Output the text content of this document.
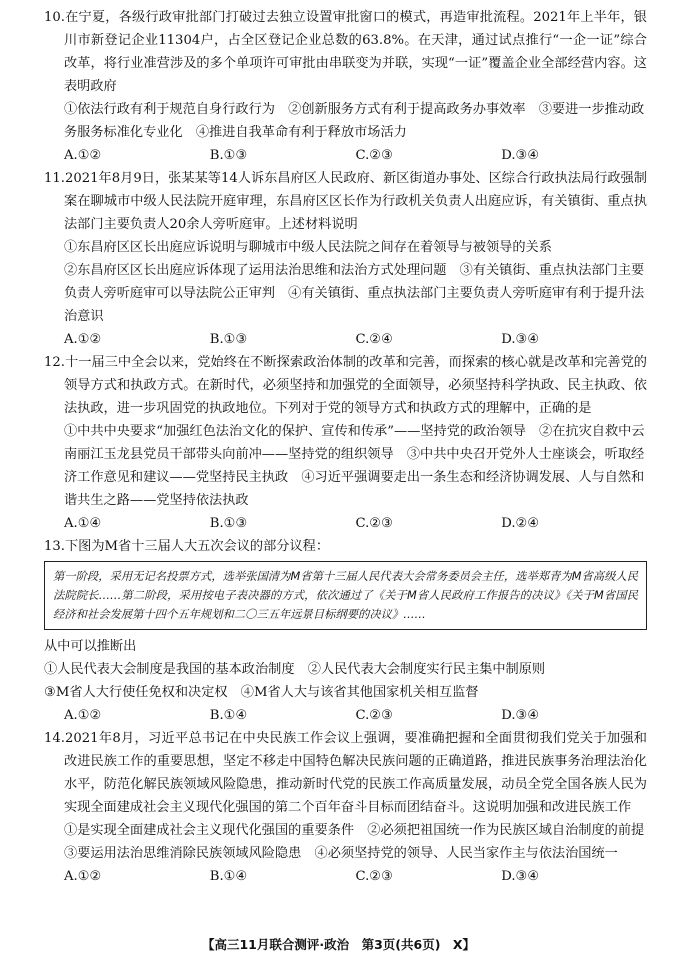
10.在宁夏，各级行政审批部门打破过去独立设置审批窗口的模式，再造审批流程。2021年上半年，银川市新登记企业11304户，占全区登记企业总数的63.8%。在天津，通过试点推行“一企一证”综合改革，将行业准营涉及的多个单项许可审批由串联变为并联，实现“一证”覆盖企业全部经营内容。这表明政府
①依法行政有利于规范自身行政行为　②创新服务方式有利于提高政务办事效率　③要进一步推动政务服务标准化专业化　④推进自我革命有利于释放市场活力
A.①②	B.①③	C.②③	D.③④
11.2021年8月9日，张某某等14人诉东昌府区人民政府、新区街道办事处、区综合行政执法局行政强制案在聊城市中级人民法院开庭审理，东昌府区区长作为行政机关负责人出庭应诉，有关镇街、重点执法部门主要负责人20余人旁听庭审。上述材料说明
①东昌府区区长出庭应诉说明与聊城市中级人民法院之间存在着领导与被领导的关系
②东昌府区区长出庭应诉体现了运用法治思维和法治方式处理问题　③有关镇街、重点执法部门主要负责人旁听庭审可以导法院公正审判　④有关镇街、重点执法部门主要负责人旁听庭审有利于提升法治意识
A.①②	B.①③	C.②④	D.③④
12.十一届三中全会以来，党始终在不断探索政治体制的改革和完善，而探索的核心就是改革和完善党的领导方式和执政方式。在新时代，必须坚持和加强党的全面领导，必须坚持科学执政、民主执政、依法执政，进一步巩固党的执政地位。下列对于党的领导方式和执政方式的理解中，正确的是
①中共中央要求“加强红色法治文化的保护、宣传和传承”——坚持党的政治领导　②在抗灾自救中云南丽江玉龙县党员干部带头向前冲——坚持党的组织领导　③中共中央召开党外人士座谈会，听取经济工作意见和建议——党坚持民主执政　④习近平强调要走出一条生态和经济协调发展、人与自然和谐共生之路——党坚持依法执政
A.①④	B.①③	C.②③	D.②④
13.下图为M省十三届人大五次会议的部分议程：
第一阶段，采用无记名投票方式，选举张国清为M省第十三届人民代表大会常务委员会主任，选举郑青为M省高级人民法院院长……第二阶段，采用按电子表决器的方式，依次通过了《关于M省人民政府工作报告的决议》《关于M省国民经济和社会发展第十四个五年规划和二〇三五年远景目标纲要的决议》……
从中可以推断出
①人民代表大会制度是我国的基本政治制度　②人民代表大会制度实行民主集中制原则
③M省人大行使任免权和决定权　④M省人大与该省其他国家机关相互监督
A.①②	B.①④	C.②③	D.③④
14.2021年8月，习近平总书记在中央民族工作会议上强调，要准确把握和全面贯彻我们党关于加强和改进民族工作的重要思想，坚定不移走中国特色解决民族问题的正确道路，推进民族事务治理法治化水平，防范化解民族领域风险隐患，推动新时代党的民族工作高质量发展，动员全党全国各族人民为实现全面建成社会主义现代化强国的第二个百年奋斗目标而团结奋斗。这说明加强和改进民族工作
①是实现全面建成社会主义现代化强国的重要条件　②必须把祖国统一作为民族区域自治制度的前提　③要运用法治思维消除民族领域风险隐患　④必须坚持党的领导、人民当家作主与依法治国统一
A.①②	B.①④	C.②③	D.③④
【高三11月联合测评·政治　第3页(共6页)　X】
